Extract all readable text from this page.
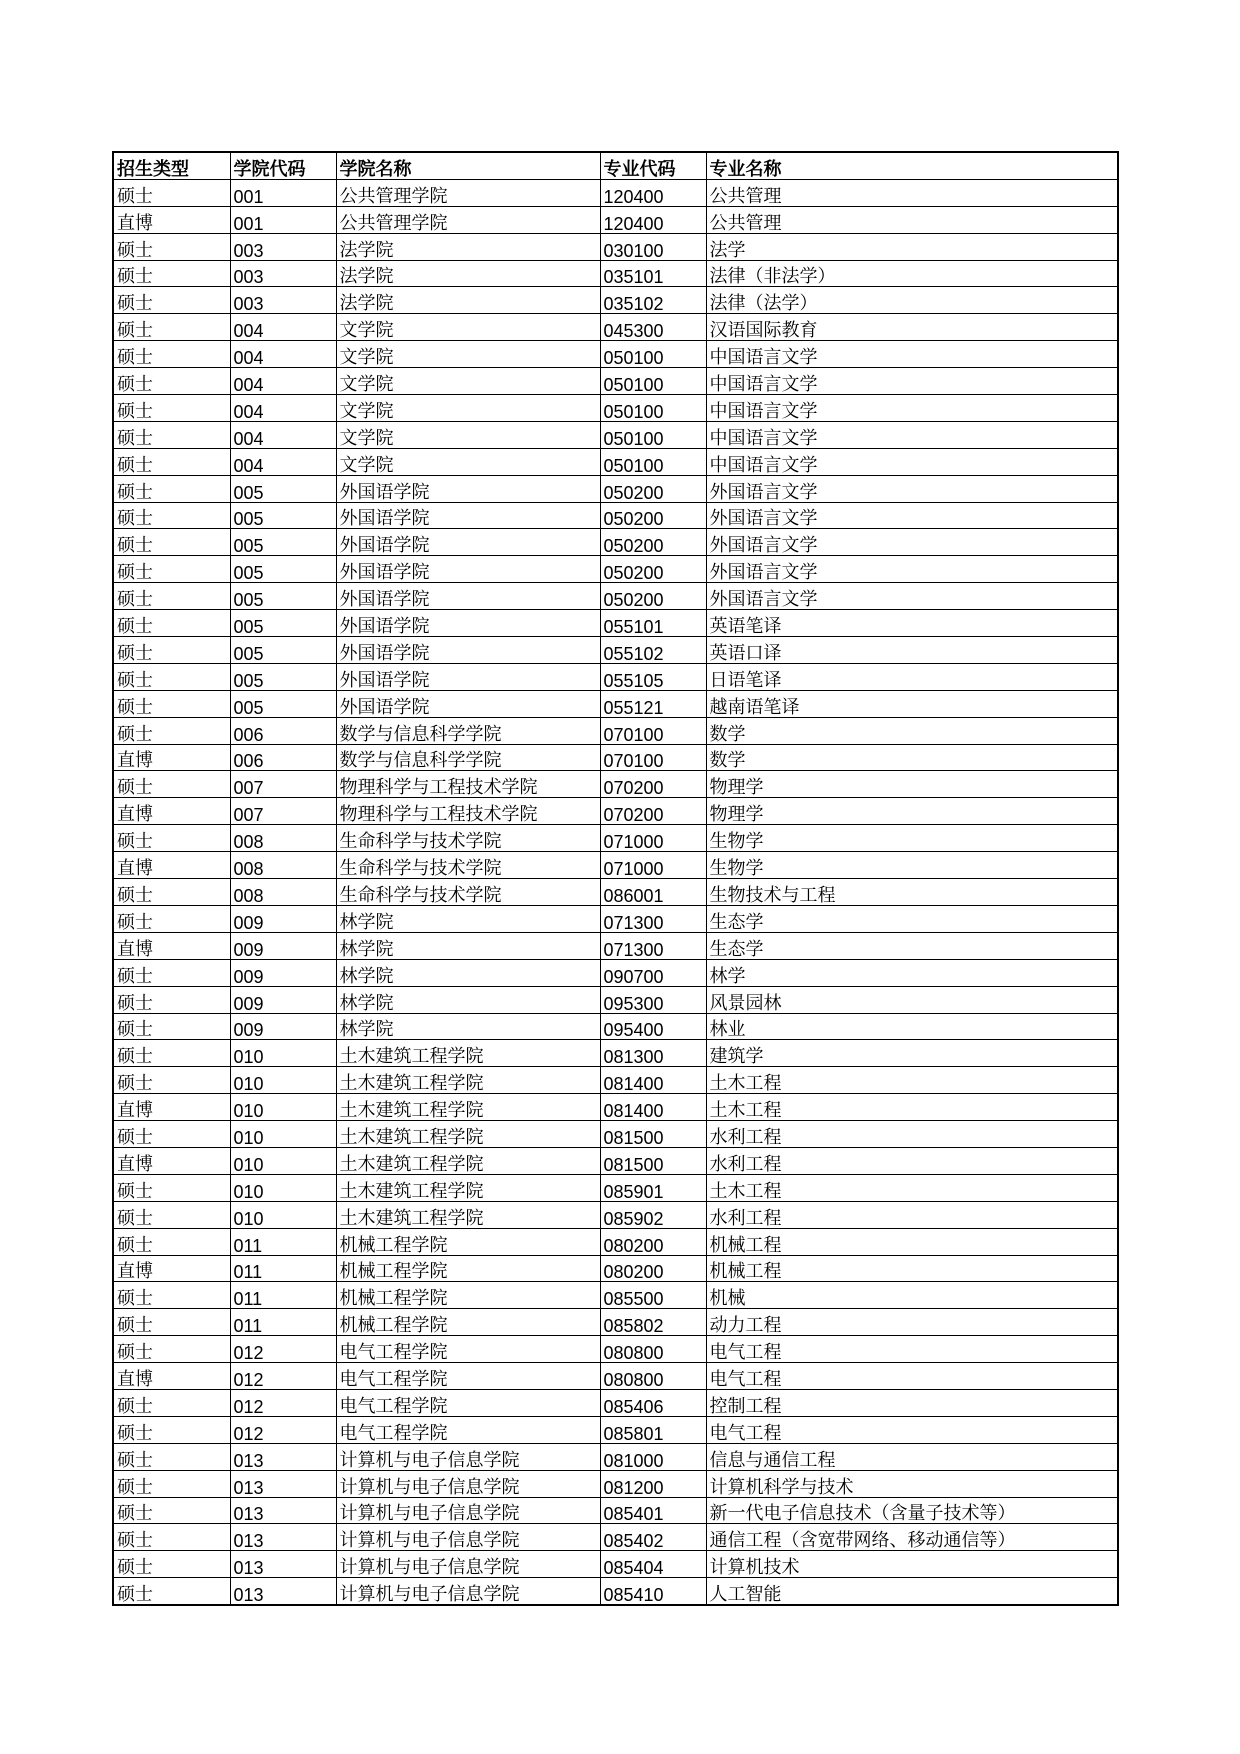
招生类型	学院代码	学院名称	专业代码	专业名称
硕士	001	公共管理学院	120400	公共管理
直博	001	公共管理学院	120400	公共管理
硕士	003	法学院	030100	法学
硕士	003	法学院	035101	法律（非法学）
硕士	003	法学院	035102	法律（法学）
硕士	004	文学院	045300	汉语国际教育
硕士	004	文学院	050100	中国语言文学
硕士	004	文学院	050100	中国语言文学
硕士	004	文学院	050100	中国语言文学
硕士	004	文学院	050100	中国语言文学
硕士	004	文学院	050100	中国语言文学
硕士	005	外国语学院	050200	外国语言文学
硕士	005	外国语学院	050200	外国语言文学
硕士	005	外国语学院	050200	外国语言文学
硕士	005	外国语学院	050200	外国语言文学
硕士	005	外国语学院	050200	外国语言文学
硕士	005	外国语学院	055101	英语笔译
硕士	005	外国语学院	055102	英语口译
硕士	005	外国语学院	055105	日语笔译
硕士	005	外国语学院	055121	越南语笔译
硕士	006	数学与信息科学学院	070100	数学
直博	006	数学与信息科学学院	070100	数学
硕士	007	物理科学与工程技术学院	070200	物理学
直博	007	物理科学与工程技术学院	070200	物理学
硕士	008	生命科学与技术学院	071000	生物学
直博	008	生命科学与技术学院	071000	生物学
硕士	008	生命科学与技术学院	086001	生物技术与工程
硕士	009	林学院	071300	生态学
直博	009	林学院	071300	生态学
硕士	009	林学院	090700	林学
硕士	009	林学院	095300	风景园林
硕士	009	林学院	095400	林业
硕士	010	土木建筑工程学院	081300	建筑学
硕士	010	土木建筑工程学院	081400	土木工程
直博	010	土木建筑工程学院	081400	土木工程
硕士	010	土木建筑工程学院	081500	水利工程
直博	010	土木建筑工程学院	081500	水利工程
硕士	010	土木建筑工程学院	085901	土木工程
硕士	010	土木建筑工程学院	085902	水利工程
硕士	011	机械工程学院	080200	机械工程
直博	011	机械工程学院	080200	机械工程
硕士	011	机械工程学院	085500	机械
硕士	011	机械工程学院	085802	动力工程
硕士	012	电气工程学院	080800	电气工程
直博	012	电气工程学院	080800	电气工程
硕士	012	电气工程学院	085406	控制工程
硕士	012	电气工程学院	085801	电气工程
硕士	013	计算机与电子信息学院	081000	信息与通信工程
硕士	013	计算机与电子信息学院	081200	计算机科学与技术
硕士	013	计算机与电子信息学院	085401	新一代电子信息技术（含量子技术等）
硕士	013	计算机与电子信息学院	085402	通信工程（含宽带网络、移动通信等）
硕士	013	计算机与电子信息学院	085404	计算机技术
硕士	013	计算机与电子信息学院	085410	人工智能
